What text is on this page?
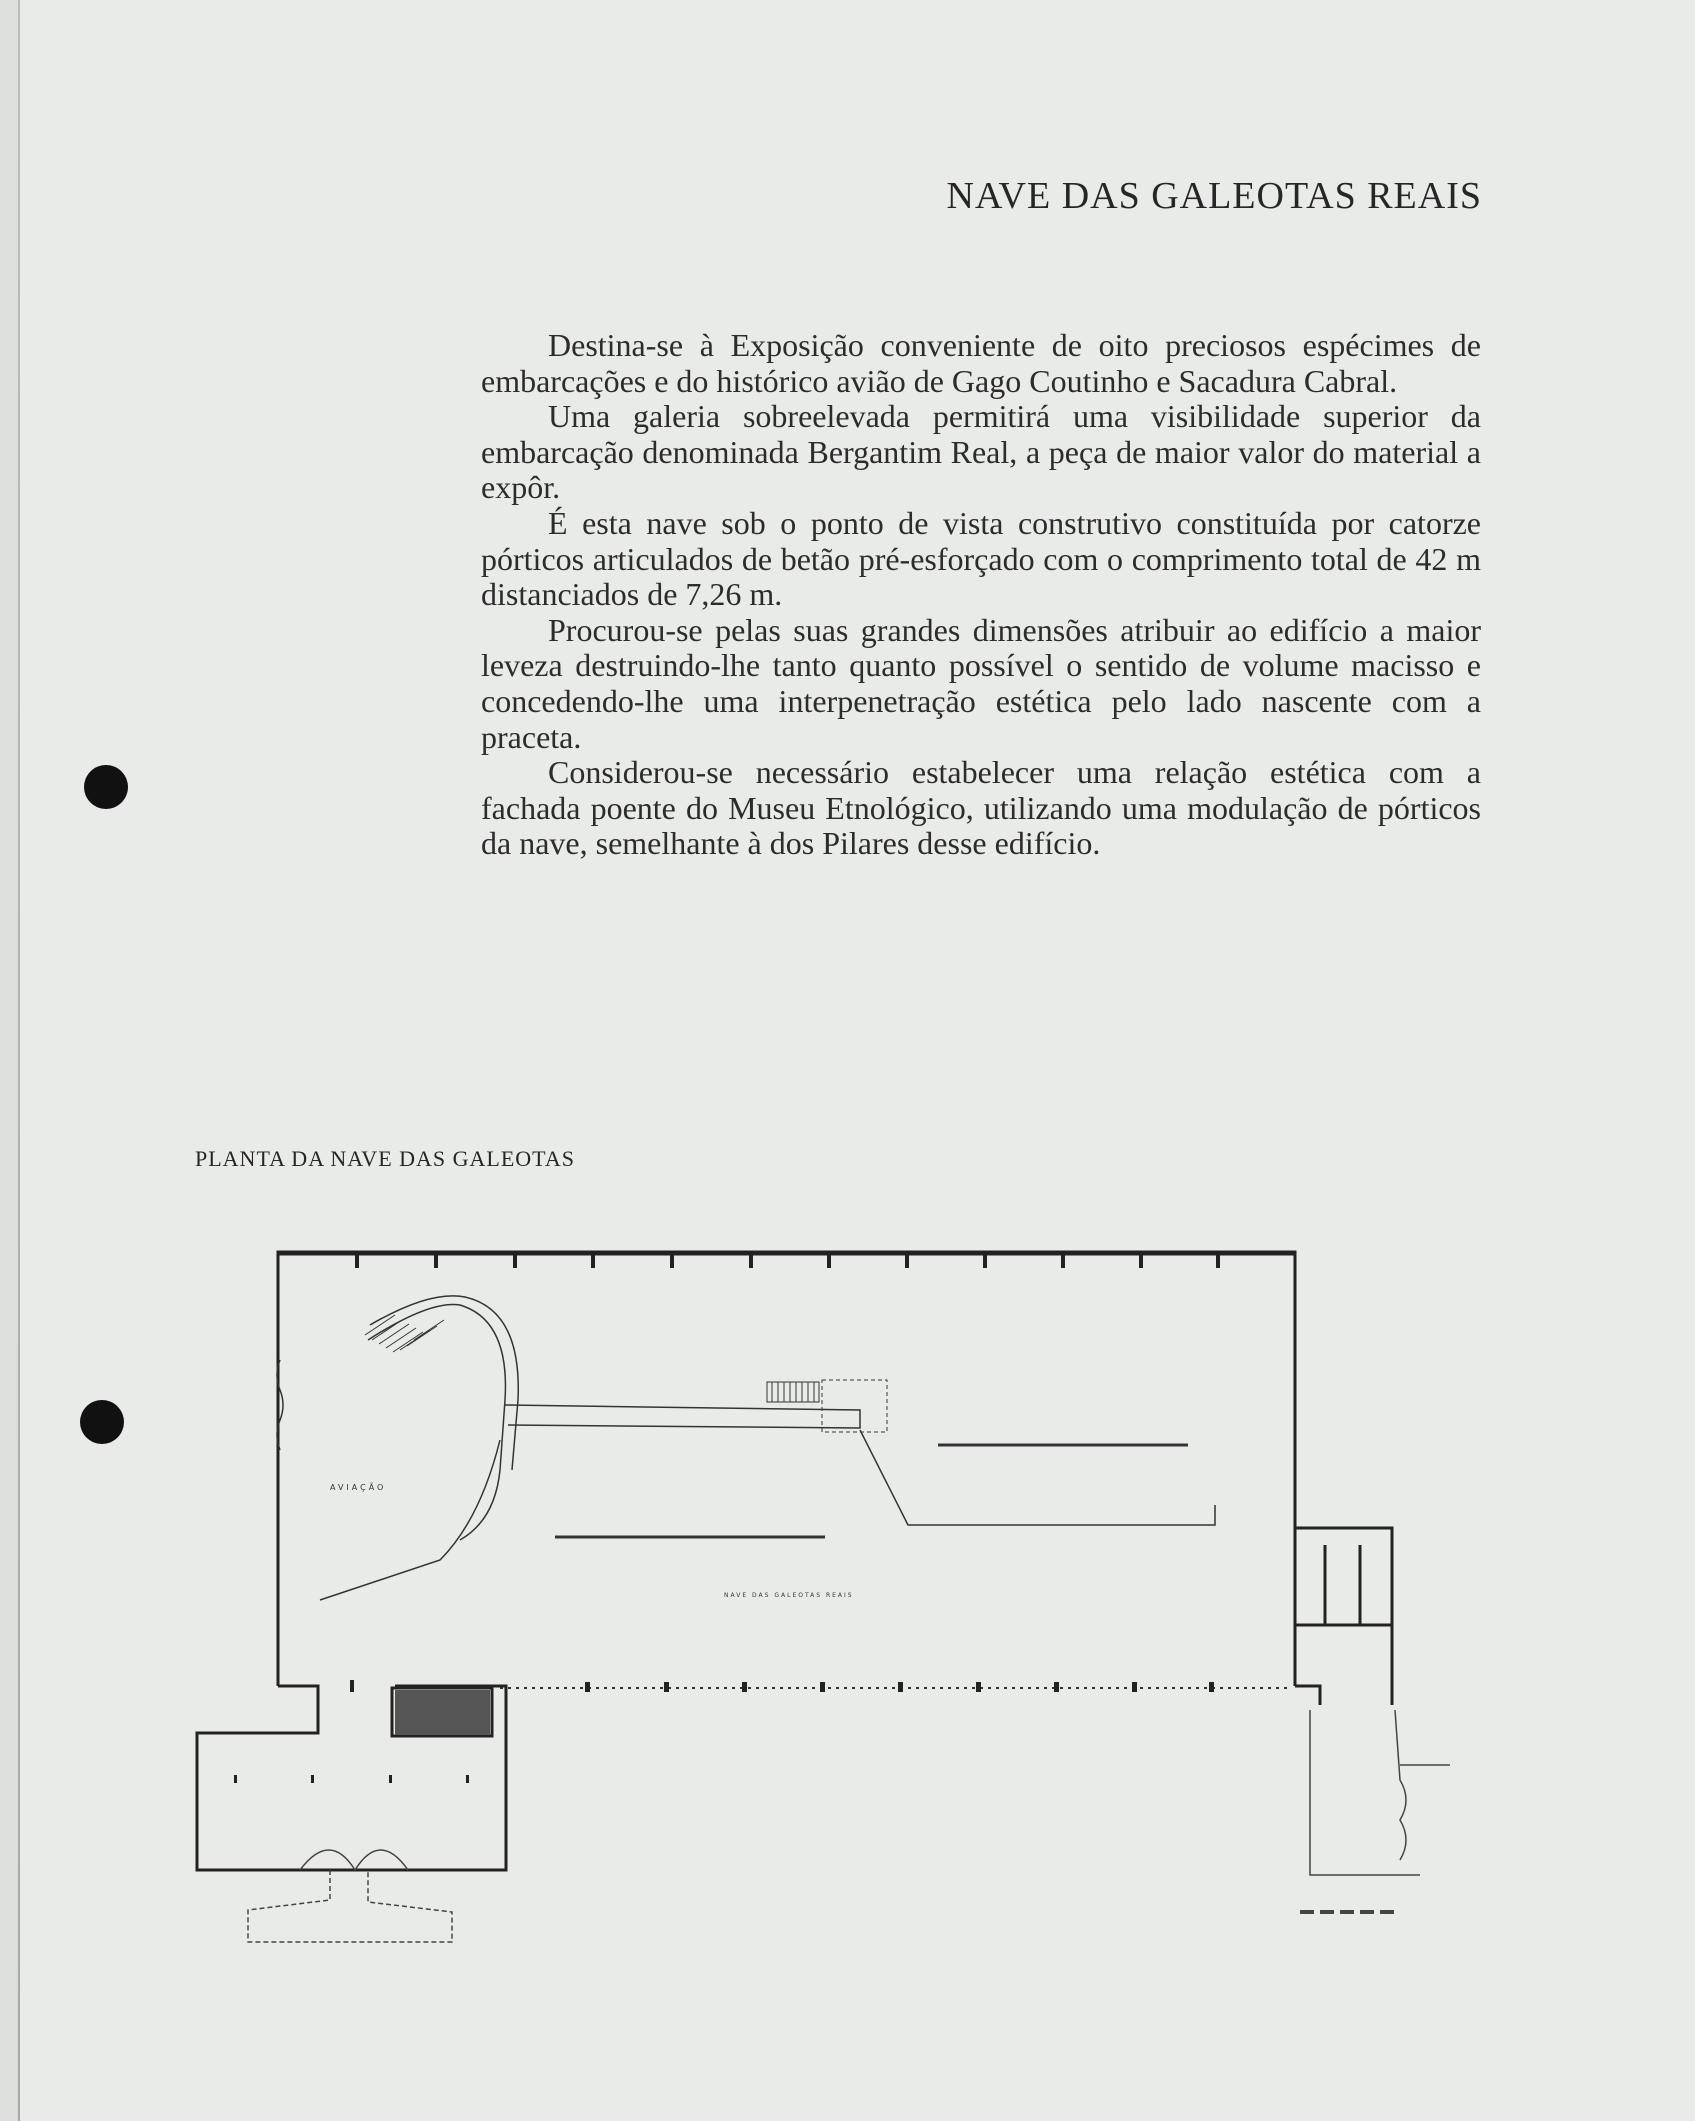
NAVE DAS GALEOTAS REAIS

Destina-se à Exposição conveniente de oito preciosos espécimes de embarcações e do histórico avião de Gago Coutinho e Sacadura Cabral.

Uma galeria sobreelevada permitirá uma visibilidade superior da embarcação denominada Bergantim Real, a peça de maior valor do material a expôr.

É esta nave sob o ponto de vista construtivo constituída por catorze pórticos articulados de betão pré-esforçado com o comprimento total de 42 m distanciados de 7,26 m.

Procurou-se pelas suas grandes dimensões atribuir ao edifício a maior leveza destruindo-lhe tanto quanto possível o sentido de volume macisso e concedendo-lhe uma interpenetração estética pelo lado nascente com a praceta.

Considerou-se necessário estabelecer uma relação estética com a fachada poente do Museu Etnológico, utilizando uma modulação de pórticos da nave, semelhante à dos Pilares desse edifício.

PLANTA DA NAVE DAS GALEOTAS
AVIAÇÃO
NAVE DAS GALEOTAS REAIS
